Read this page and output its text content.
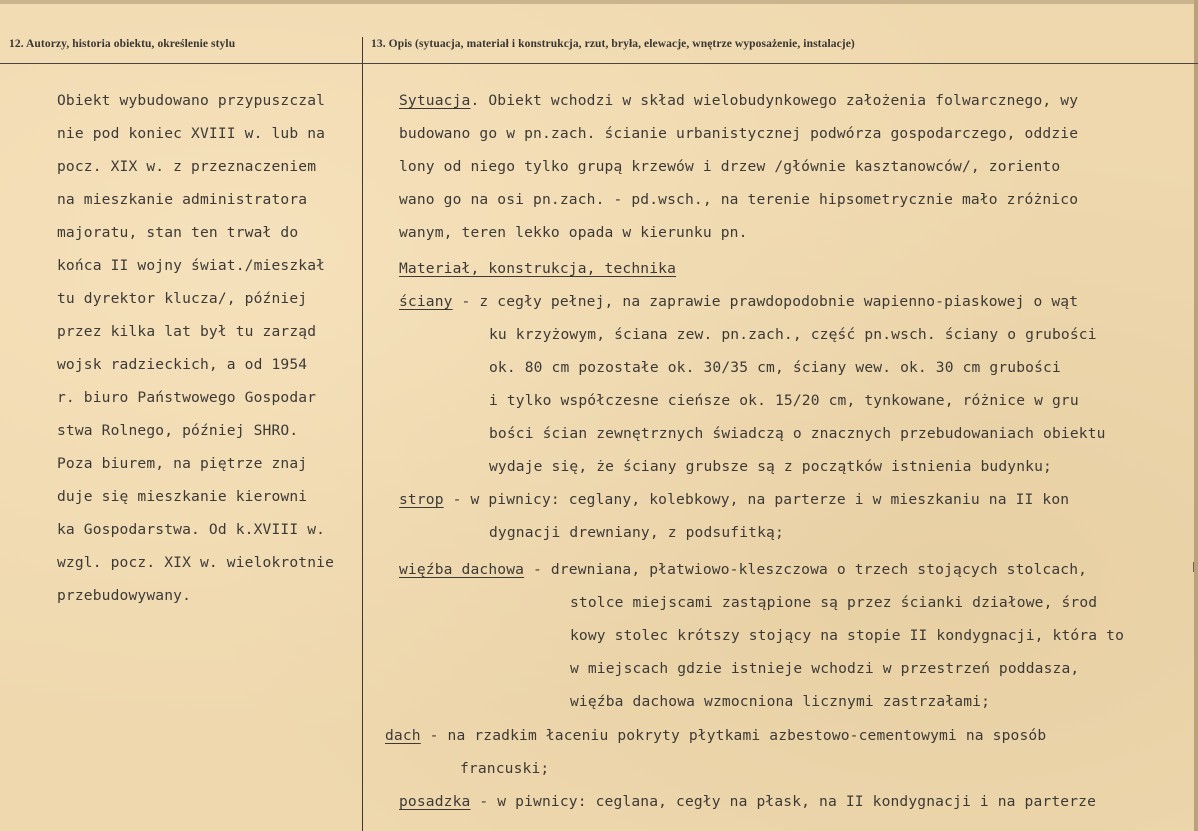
12. Autorzy, historia obiektu, określenie stylu	13. Opis (sytuacja, materiał i konstrukcja, rzut, bryła, elewacje, wnętrze wyposażenie, instalacje)
Obiekt wybudowano przypuszczal
nie pod koniec XVIII w. lub na
pocz. XIX w. z przeznaczeniem
na mieszkanie administratora
majoratu, stan ten trwał do
końca II wojny świat./mieszkał
tu dyrektor klucza/, później
przez kilka lat był tu zarząd
wojsk radzieckich, a od 1954
r. biuro Państwowego Gospodar
stwa Rolnego, później SHRO.
Poza biurem, na piętrze znaj
duje się mieszkanie kierowni
ka Gospodarstwa. Od k.XVIII w.
wzgl. pocz. XIX w. wielokrotnie
przebudowywany.
Sytuacja. Obiekt wchodzi w skład wielobudynkowego założenia folwarcznego, wy
budowano go w pn.zach. ścianie urbanistycznej podwórza gospodarczego, oddzie
lony od niego tylko grupą krzewów i drzew /głównie kasztanowców/, zoriento
wano go na osi pn.zach. - pd.wsch., na terenie hipsometrycznie mało zróżnico
wanym, teren lekko opada w kierunku pn.
Materiał, konstrukcja, technika
ściany - z cegły pełnej, na zaprawie prawdopodobnie wapienno-piaskowej o wąt
ku krzyżowym, ściana zew. pn.zach., część pn.wsch. ściany o grubości
ok. 80 cm pozostałe ok. 30/35 cm, ściany wew. ok. 30 cm grubości
i tylko współczesne cieńsze ok. 15/20 cm, tynkowane, różnice w gru
bości ścian zewnętrznych świadczą o znacznych przebudowaniach obiektu
wydaje się, że ściany grubsze są z początków istnienia budynku;
strop - w piwnicy: ceglany, kolebkowy, na parterze i w mieszkaniu na II kon
dygnacji drewniany, z podsufitką;
więźba dachowa - drewniana, płatwiowo-kleszczowa o trzech stojących stolcach,
stolce miejscami zastąpione są przez ścianki działowe, środ
kowy stolec krótszy stojący na stopie II kondygnacji, która to
w miejscach gdzie istnieje wchodzi w przestrzeń poddasza,
więźba dachowa wzmocniona licznymi zastrzałami;
dach - na rzadkim łaceniu pokryty płytkami azbestowo-cementowymi na sposób
francuski;
posadzka - w piwnicy: ceglana, cegły na płask, na II kondygnacji i na parterze
